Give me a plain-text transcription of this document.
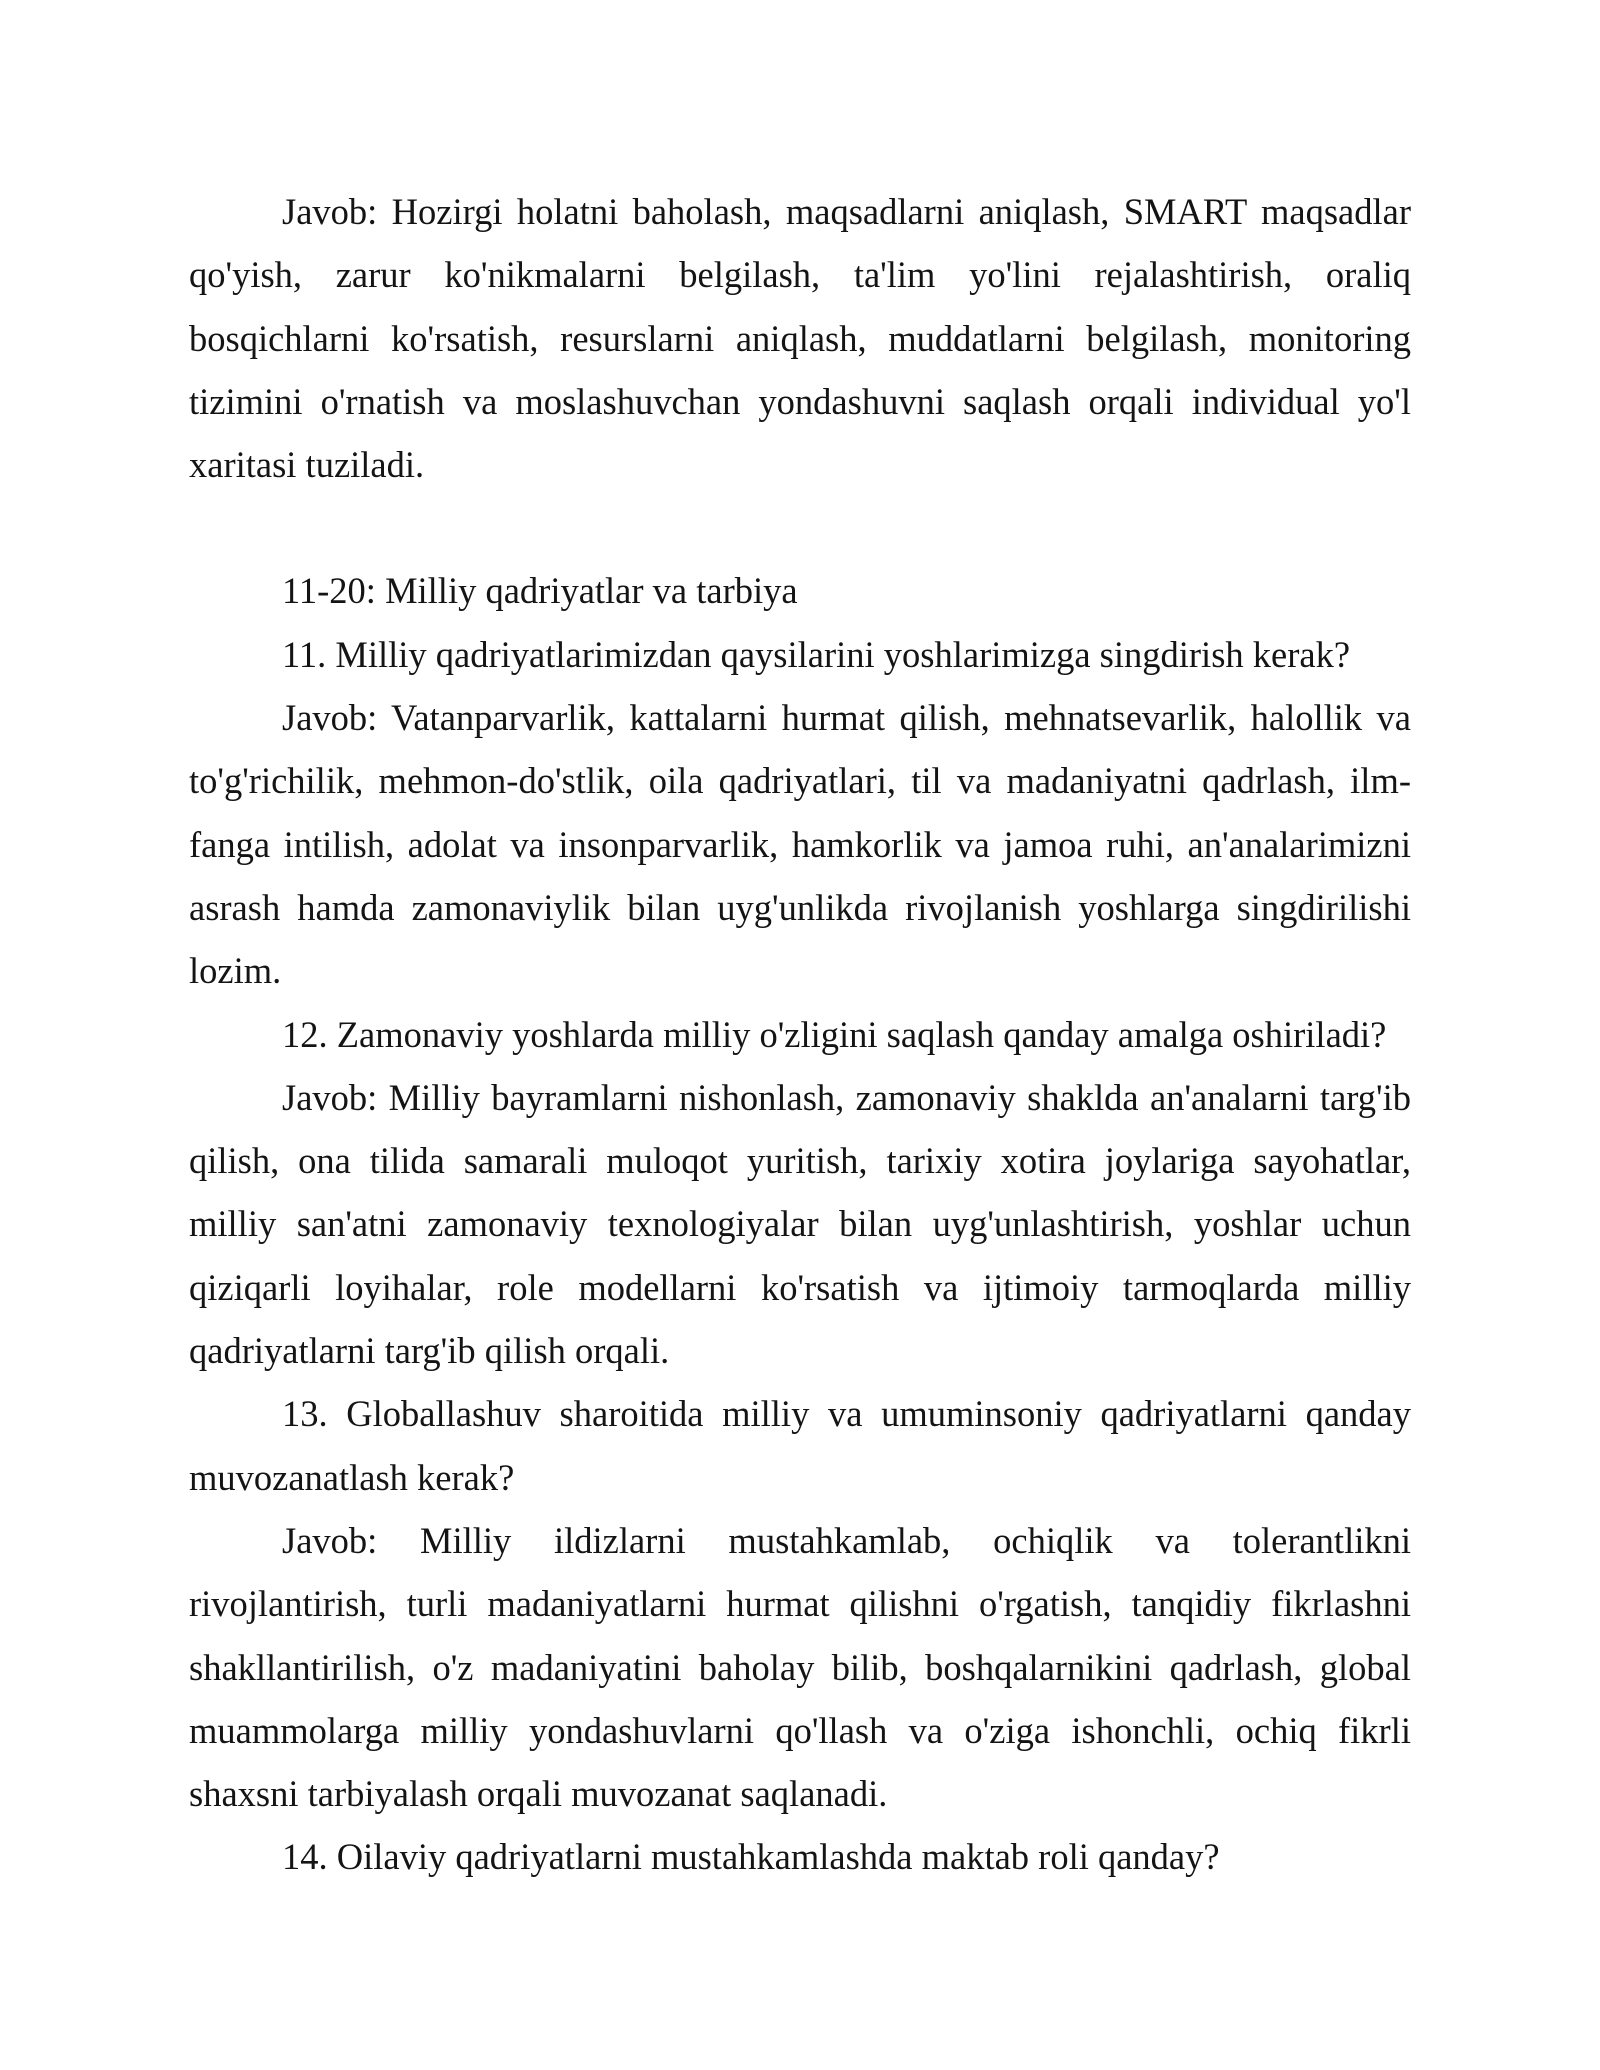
Javob: Hozirgi holatni baholash, maqsadlarni aniqlash, SMART maqsadlar qo'yish, zarur ko'nikmalarni belgilash, ta'lim yo'lini rejalashtirish, oraliq bosqichlarni ko'rsatish, resurslarni aniqlash, muddatlarni belgilash, monitoring tizimini o'rnatish va moslashuvchan yondashuvni saqlash orqali individual yo'l xaritasi tuziladi.

11-20: Milliy qadriyatlar va tarbiya

11. Milliy qadriyatlarimizdan qaysilarini yoshlarimizga singdirish kerak?

Javob: Vatanparvarlik, kattalarni hurmat qilish, mehnatsevarlik, halollik va to'g'richilik, mehmon-do'stlik, oila qadriyatlari, til va madaniyatni qadrlash, ilm-fanga intilish, adolat va insonparvarlik, hamkorlik va jamoa ruhi, an'analarimizni asrash hamda zamonaviylik bilan uyg'unlikda rivojlanish yoshlarga singdirilishi lozim.

12. Zamonaviy yoshlarda milliy o'zligini saqlash qanday amalga oshiriladi?

Javob: Milliy bayramlarni nishonlash, zamonaviy shaklda an'analarni targ'ib qilish, ona tilida samarali muloqot yuritish, tarixiy xotira joylariga sayohatlar, milliy san'atni zamonaviy texnologiyalar bilan uyg'unlashtirish, yoshlar uchun qiziqarli loyihalar, role modellarni ko'rsatish va ijtimoiy tarmoqlarda milliy qadriyatlarni targ'ib qilish orqali.

13. Globallashuv sharoitida milliy va umuminsoniy qadriyatlarni qanday muvozanatlash kerak?

Javob: Milliy ildizlarni mustahkamlab, ochiqlik va tolerantlikni rivojlantirish, turli madaniyatlarni hurmat qilishni o'rgatish, tanqidiy fikrlashni shakllantirilish, o'z madaniyatini baholay bilib, boshqalarnikini qadrlash, global muammolarga milliy yondashuvlarni qo'llash va o'ziga ishonchli, ochiq fikrli shaxsni tarbiyalash orqali muvozanat saqlanadi.

14. Oilaviy qadriyatlarni mustahkamlashda maktab roli qanday?
